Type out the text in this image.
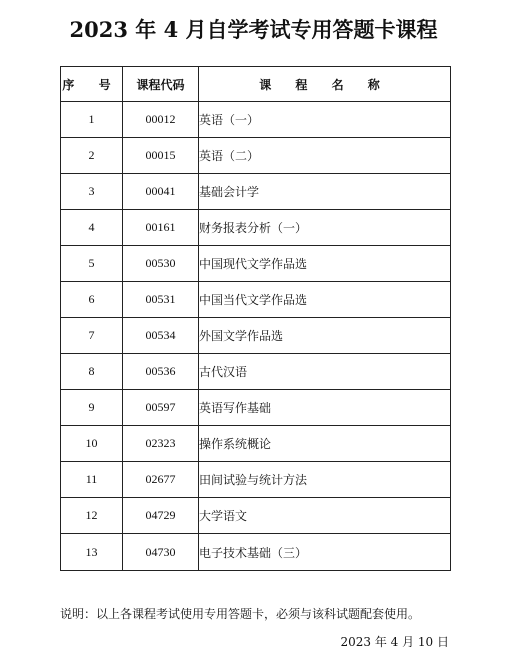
2023 年 4 月自学考试专用答题卡课程
序 号	课程代码	课 程 名 称
1	00012	英语（一）
2	00015	英语（二）
3	00041	基础会计学
4	00161	财务报表分析（一）
5	00530	中国现代文学作品选
6	00531	中国当代文学作品选
7	00534	外国文学作品选
8	00536	古代汉语
9	00597	英语写作基础
10	02323	操作系统概论
11	02677	田间试验与统计方法
12	04729	大学语文
13	04730	电子技术基础（三）
说明：以上各课程考试使用专用答题卡，必须与该科试题配套使用。
2023 年 4 月 10 日
